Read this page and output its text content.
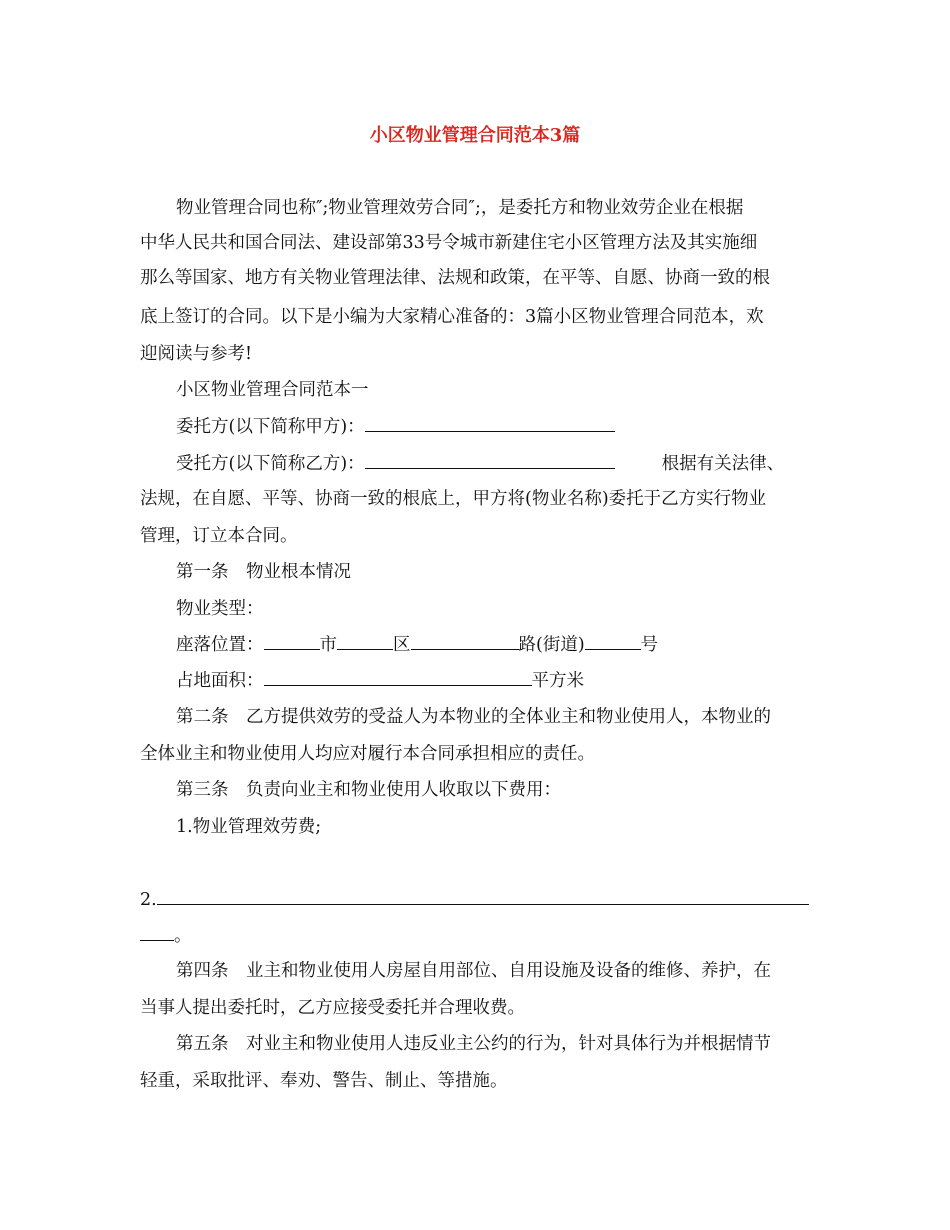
小区物业管理合同范本3篇
物业管理合同也称″;物业管理效劳合同″;，是委托方和物业效劳企业在根据
中华人民共和国合同法、建设部第33号令城市新建住宅小区管理方法及其实施细
那么等国家、地方有关物业管理法律、法规和政策，在平等、自愿、协商一致的根
底上签订的合同。以下是小编为大家精心准备的：3篇小区物业管理合同范本，欢
迎阅读与参考!
小区物业管理合同范本一
委托方(以下简称甲方)：
受托方(以下简称乙方)：	根据有关法律、
法规，在自愿、平等、协商一致的根底上，甲方将(物业名称)委托于乙方实行物业
管理，订立本合同。
第一条　物业根本情况
物业类型：
座落位置：	市	区	路(街道)	号
占地面积：	平方米
第二条　乙方提供效劳的受益人为本物业的全体业主和物业使用人，本物业的
全体业主和物业使用人均应对履行本合同承担相应的责任。
第三条　负责向业主和物业使用人收取以下费用：
1.物业管理效劳费;
2.
。
第四条　业主和物业使用人房屋自用部位、自用设施及设备的维修、养护，在
当事人提出委托时，乙方应接受委托并合理收费。
第五条　对业主和物业使用人违反业主公约的行为，针对具体行为并根据情节
轻重，采取批评、奉劝、警告、制止、等措施。
